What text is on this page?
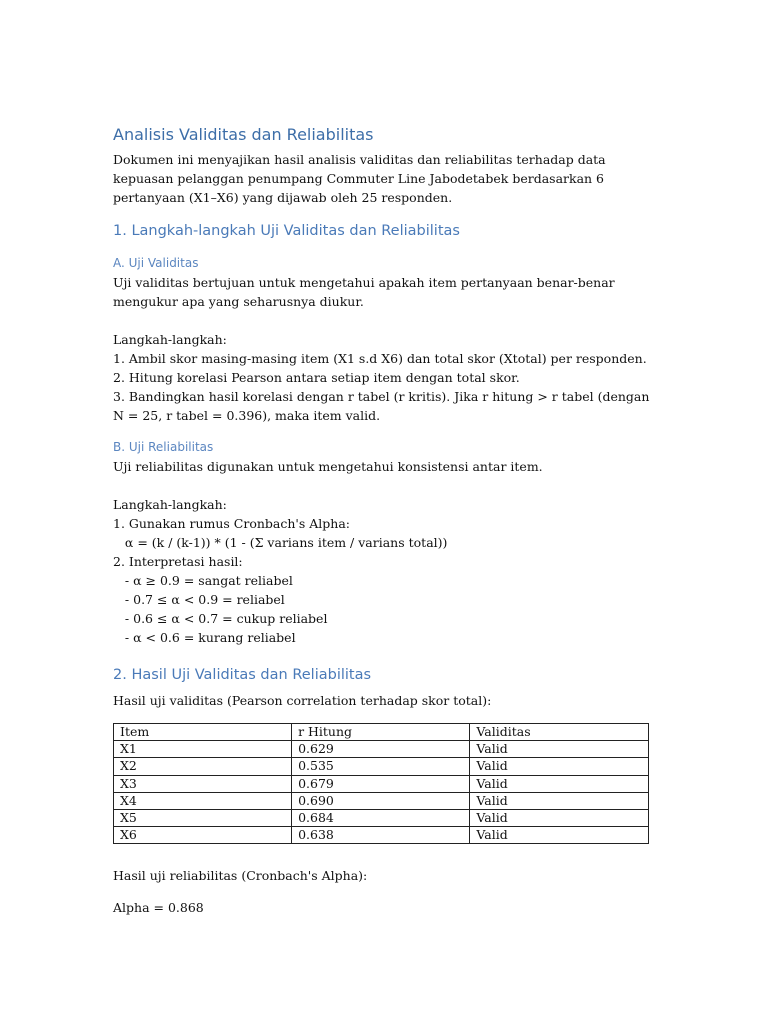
Analisis Validitas dan Reliabilitas

Dokumen ini menyajikan hasil analisis validitas dan reliabilitas terhadap data kepuasan pelanggan penumpang Commuter Line Jabodetabek berdasarkan 6 pertanyaan (X1–X6) yang dijawab oleh 25 responden.

1. Langkah-langkah Uji Validitas dan Reliabilitas
A. Uji Validitas

Uji validitas bertujuan untuk mengetahui apakah item pertanyaan benar-benar mengukur apa yang seharusnya diukur.

Langkah-langkah:

1. Ambil skor masing-masing item (X1 s.d X6) dan total skor (Xtotal) per responden.

2. Hitung korelasi Pearson antara setiap item dengan total skor.

3. Bandingkan hasil korelasi dengan r tabel (r kritis). Jika r hitung > r tabel (dengan N = 25, r tabel = 0.396), maka item valid.

B. Uji Reliabilitas

Uji reliabilitas digunakan untuk mengetahui konsistensi antar item.

Langkah-langkah:

1. Gunakan rumus Cronbach's Alpha:

α = (k / (k-1)) * (1 - (Σ varians item / varians total))

2. Interpretasi hasil:

- α ≥ 0.9 = sangat reliabel

- 0.7 ≤ α < 0.9 = reliabel

- 0.6 ≤ α < 0.7 = cukup reliabel

- α < 0.6 = kurang reliabel

2. Hasil Uji Validitas dan Reliabilitas

Hasil uji validitas (Pearson correlation terhadap skor total):

Item	r Hitung	Validitas
X1	0.629	Valid
X2	0.535	Valid
X3	0.679	Valid
X4	0.690	Valid
X5	0.684	Valid
X6	0.638	Valid

Hasil uji reliabilitas (Cronbach's Alpha):

Alpha = 0.868
